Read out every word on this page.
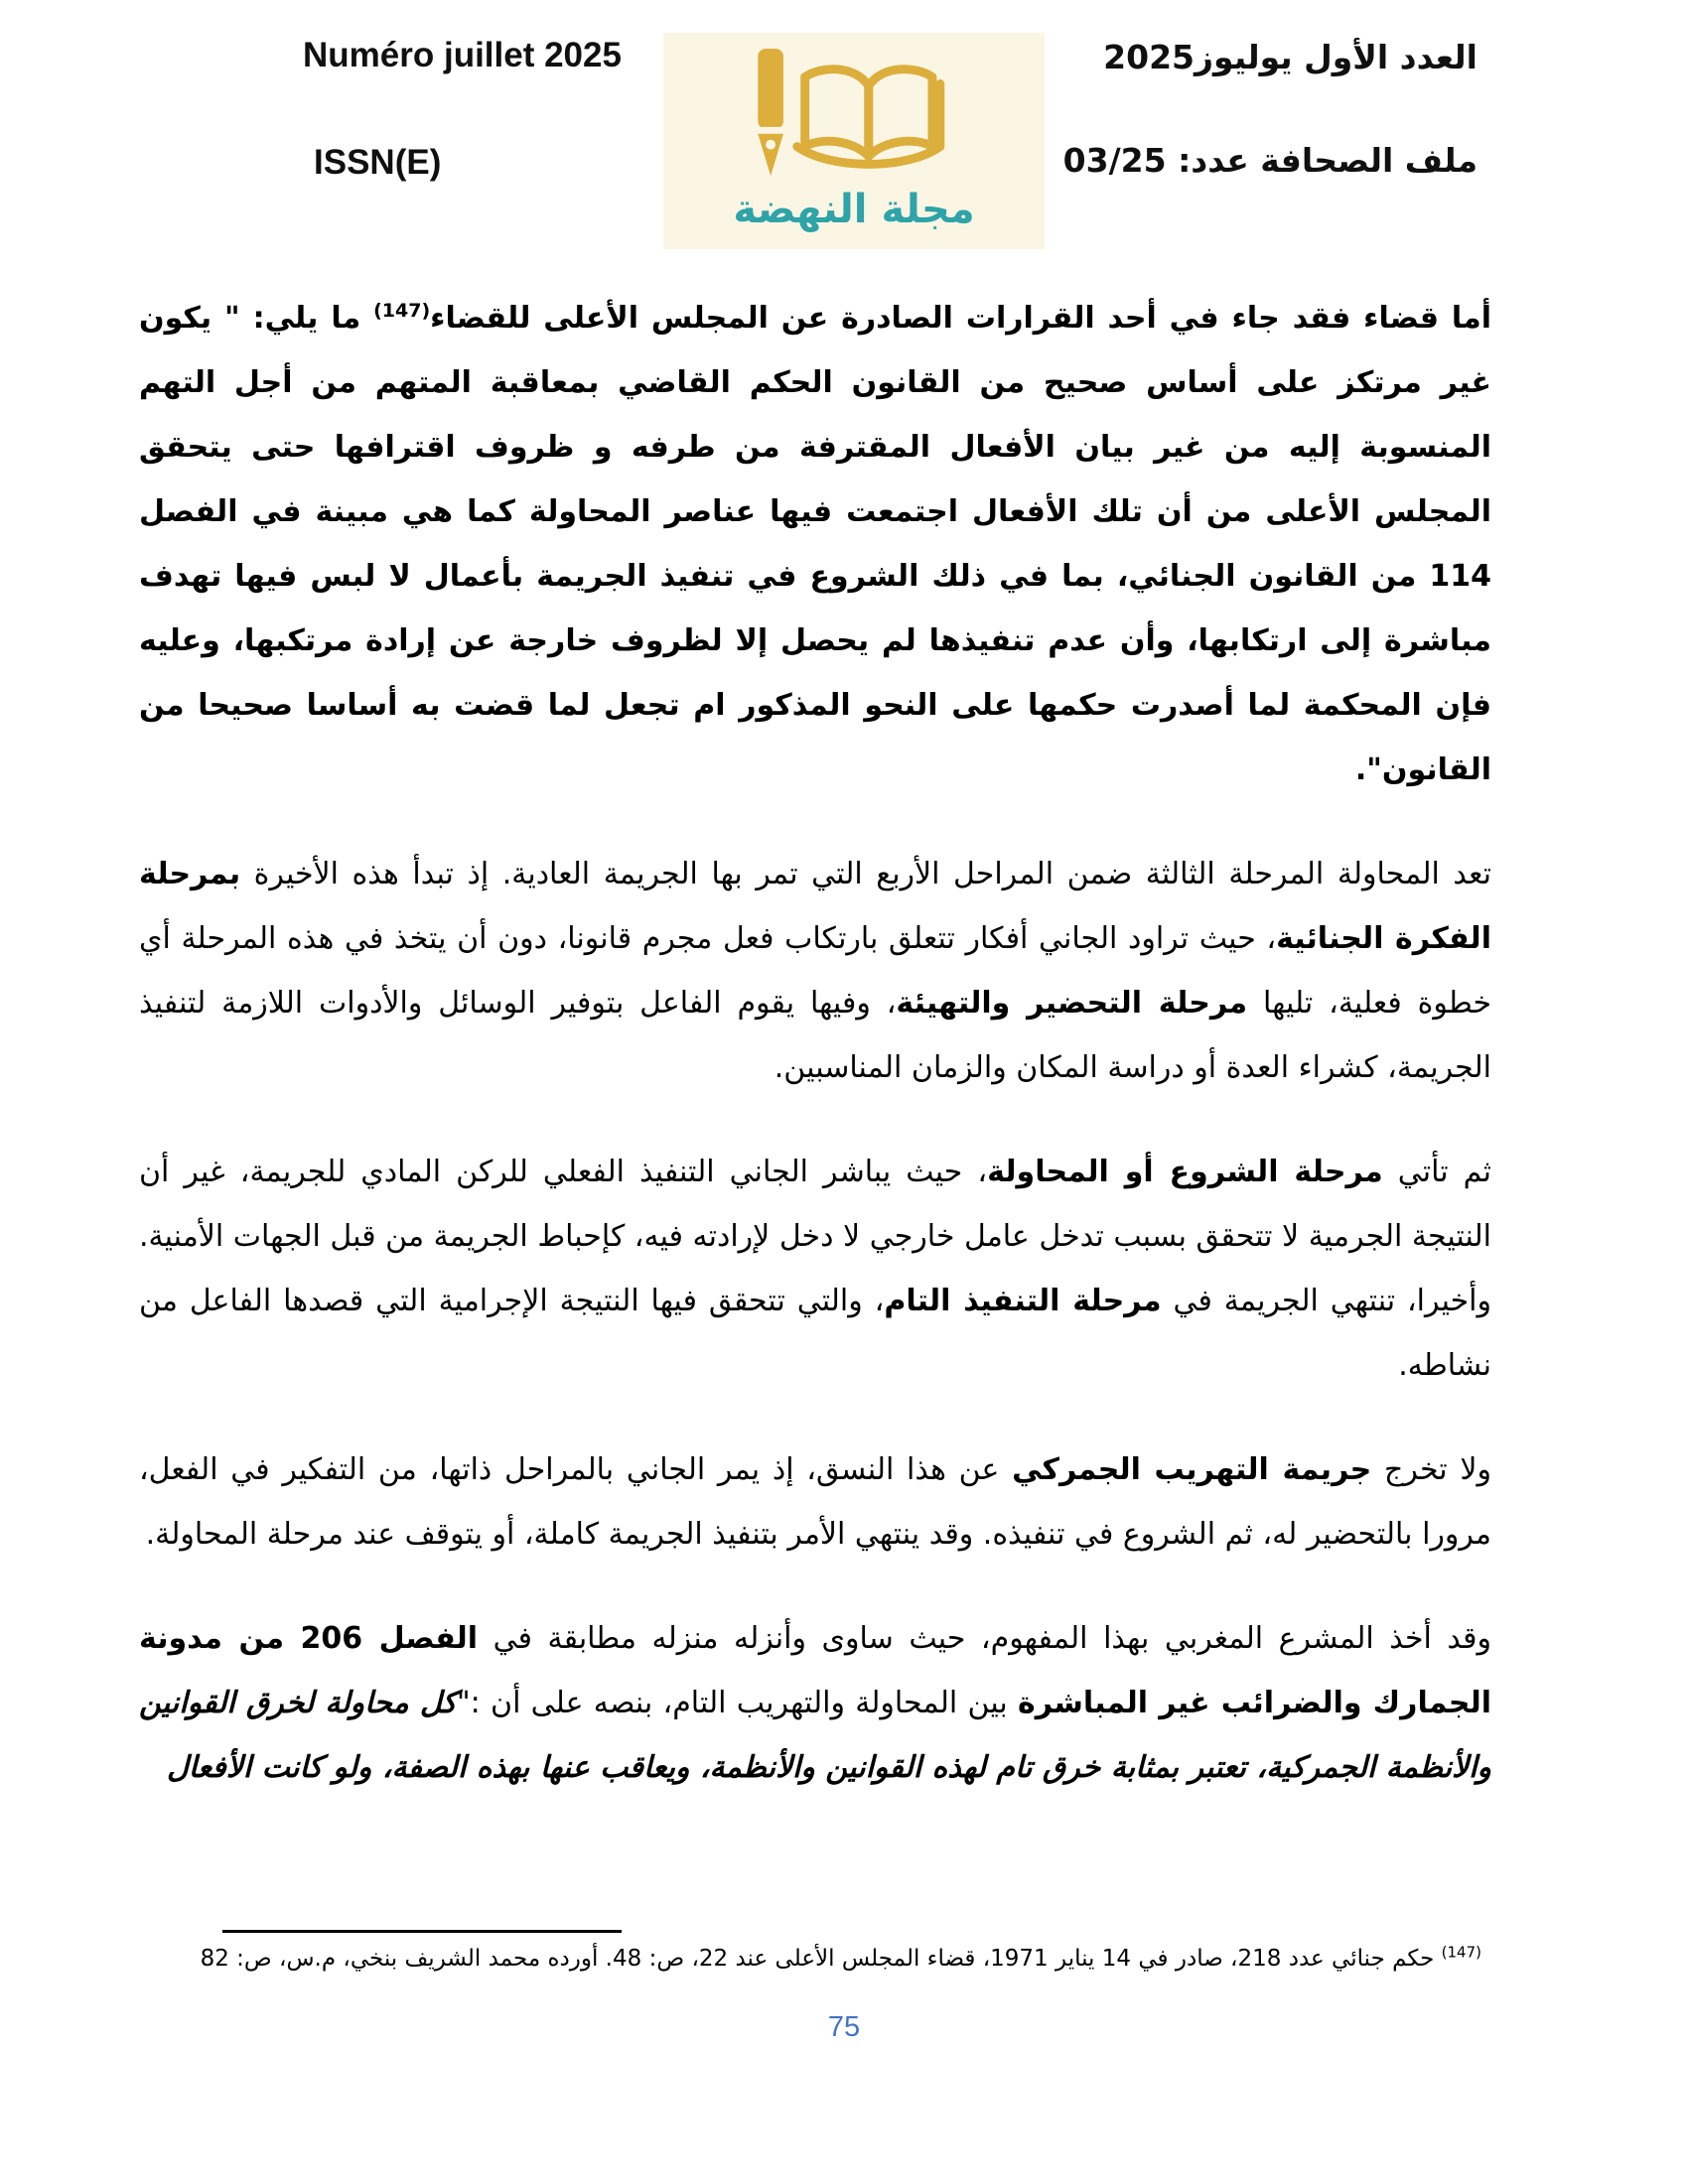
Numéro juillet 2025
ISSN(E)
مجلة النهضة
العدد الأول يوليوز2025
ملف الصحافة عدد: 03/25

أما قضاء فقد جاء في أحد القرارات الصادرة عن المجلس الأعلى للقضاء$^{(147)}$ ما يلي: " يكون غير مرتكز على أساس صحيح من القانون الحكم القاضي بمعاقبة المتهم من أجل التهم المنسوبة إليه من غير بيان الأفعال المقترفة من طرفه و ظروف اقترافها حتى يتحقق المجلس الأعلى من أن تلك الأفعال اجتمعت فيها عناصر المحاولة كما هي مبينة في الفصل 114 من القانون الجنائي، بما في ذلك الشروع في تنفيذ الجريمة بأعمال لا لبس فيها تهدف مباشرة إلى ارتكابها، وأن عدم تنفيذها لم يحصل إلا لظروف خارجة عن إرادة مرتكبها، وعليه فإن المحكمة لما أصدرت حكمها على النحو المذكور ام تجعل لما قضت به أساسا صحيحا من القانون".

تعد المحاولة المرحلة الثالثة ضمن المراحل الأربع التي تمر بها الجريمة العادية. إذ تبدأ هذه الأخيرة بمرحلة الفكرة الجنائية، حيث تراود الجاني أفكار تتعلق بارتكاب فعل مجرم قانونا، دون أن يتخذ في هذه المرحلة أي خطوة فعلية، تليها مرحلة التحضير والتهيئة، وفيها يقوم الفاعل بتوفير الوسائل والأدوات اللازمة لتنفيذ الجريمة، كشراء العدة أو دراسة المكان والزمان المناسبين.

ثم تأتي مرحلة الشروع أو المحاولة، حيث يباشر الجاني التنفيذ الفعلي للركن المادي للجريمة، غير أن النتيجة الجرمية لا تتحقق بسبب تدخل عامل خارجي لا دخل لإرادته فيه، كإحباط الجريمة من قبل الجهات الأمنية. وأخيرا، تنتهي الجريمة في مرحلة التنفيذ التام، والتي تتحقق فيها النتيجة الإجرامية التي قصدها الفاعل من نشاطه.

ولا تخرج جريمة التهريب الجمركي عن هذا النسق، إذ يمر الجاني بالمراحل ذاتها، من التفكير في الفعل، مرورا بالتحضير له، ثم الشروع في تنفيذه. وقد ينتهي الأمر بتنفيذ الجريمة كاملة، أو يتوقف عند مرحلة المحاولة.

وقد أخذ المشرع المغربي بهذا المفهوم، حيث ساوى وأنزله منزله مطابقة في الفصل 206 من مدونة الجمارك والضرائب غير المباشرة بين المحاولة والتهريب التام، بنصه على أن :"كل محاولة لخرق القوانين والأنظمة الجمركية، تعتبر بمثابة خرق تام لهذه القوانين والأنظمة، ويعاقب عنها بهذه الصفة، ولو كانت الأفعال

$^{(147)}$ حكم جنائي عدد 218، صادر في 14 يناير 1971، قضاء المجلس الأعلى عند 22، ص: 48. أورده محمد الشريف بنخي، م.س، ص: 82
75
